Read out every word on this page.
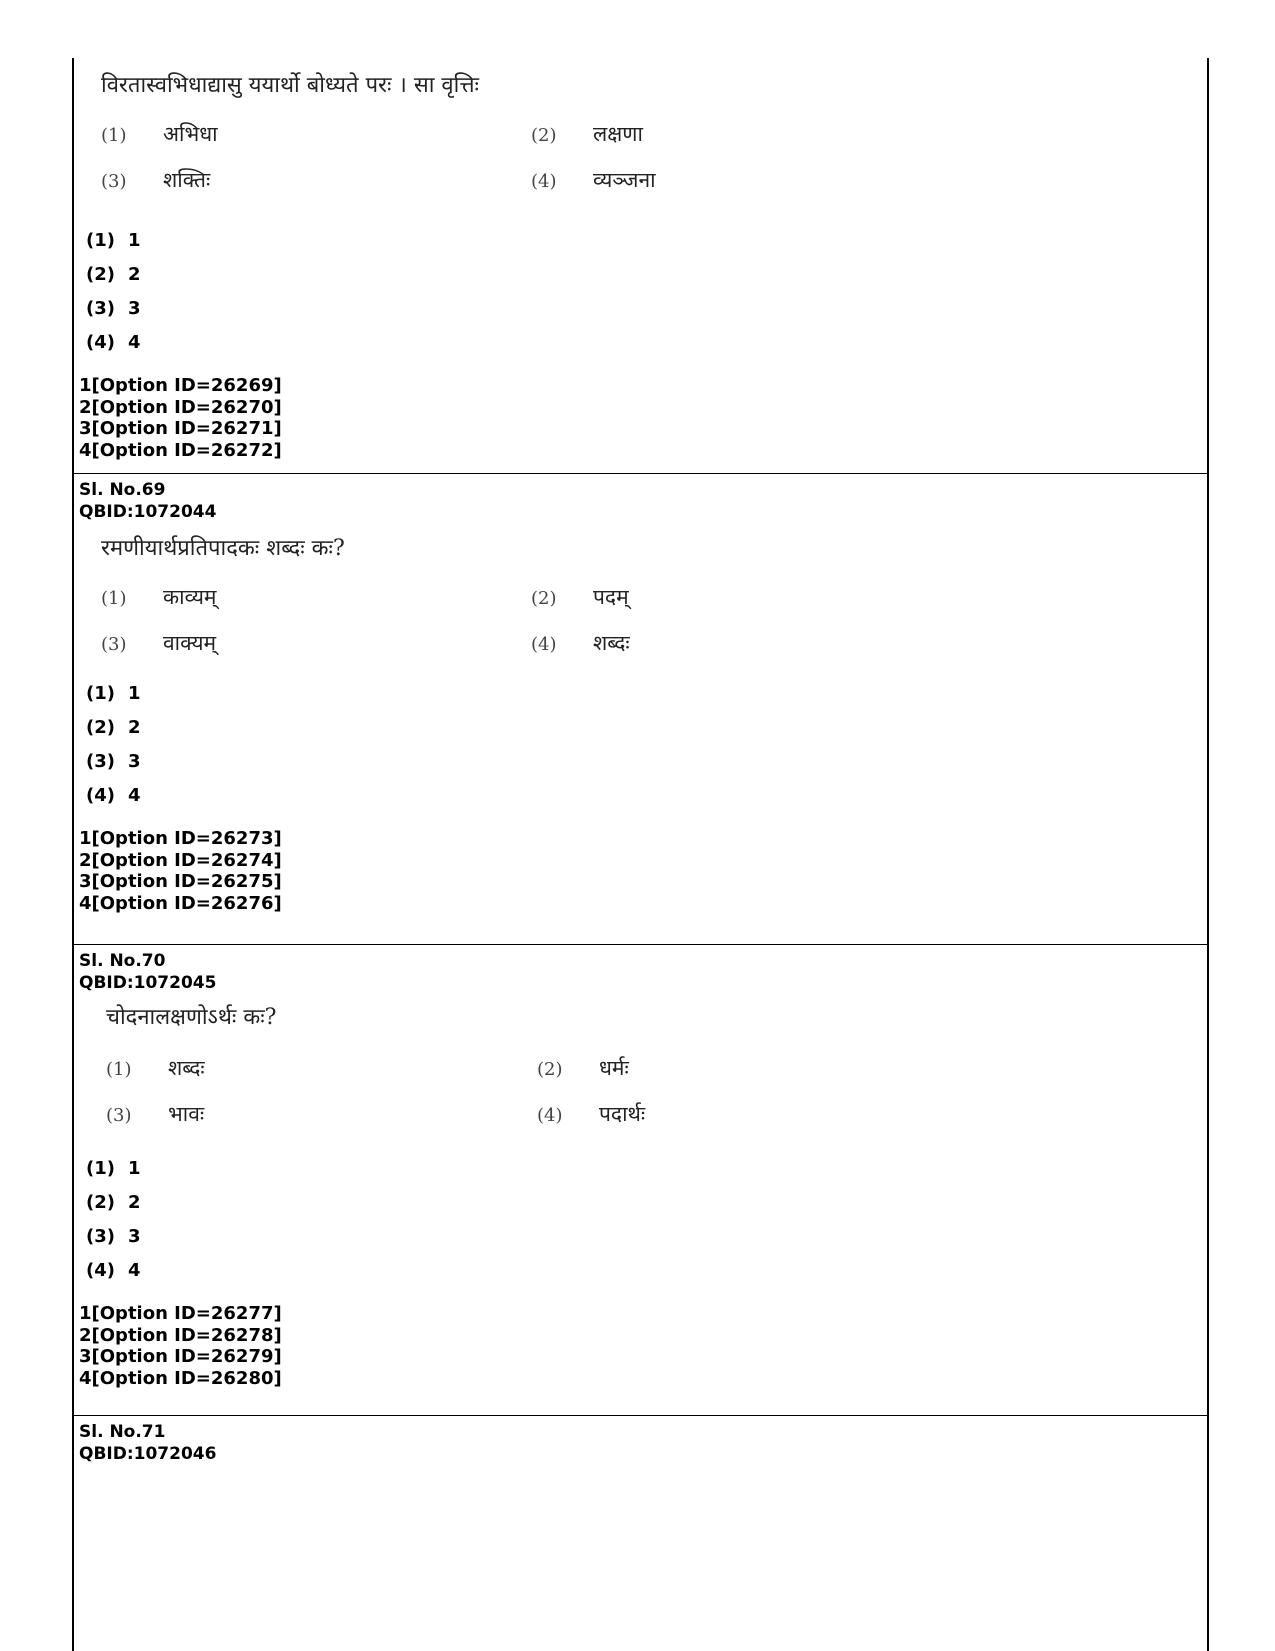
विरतास्वभिधाद्यासु ययार्थो बोध्यते परः । सा वृत्तिः
(1) अभिधा	(2) लक्षणा
(3) शक्तिः	(4) व्यञ्जना
(1) 1
(2) 2
(3) 3
(4) 4
1[Option ID=26269]
2[Option ID=26270]
3[Option ID=26271]
4[Option ID=26272]
Sl. No.69
QBID:1072044
रमणीयार्थप्रतिपादकः शब्दः कः?
(1) काव्यम्	(2) पदम्
(3) वाक्यम्	(4) शब्दः
(1) 1
(2) 2
(3) 3
(4) 4
1[Option ID=26273]
2[Option ID=26274]
3[Option ID=26275]
4[Option ID=26276]
Sl. No.70
QBID:1072045
चोदनालक्षणोऽर्थः कः?
(1) शब्दः	(2) धर्मः
(3) भावः	(4) पदार्थः
(1) 1
(2) 2
(3) 3
(4) 4
1[Option ID=26277]
2[Option ID=26278]
3[Option ID=26279]
4[Option ID=26280]
Sl. No.71
QBID:1072046
